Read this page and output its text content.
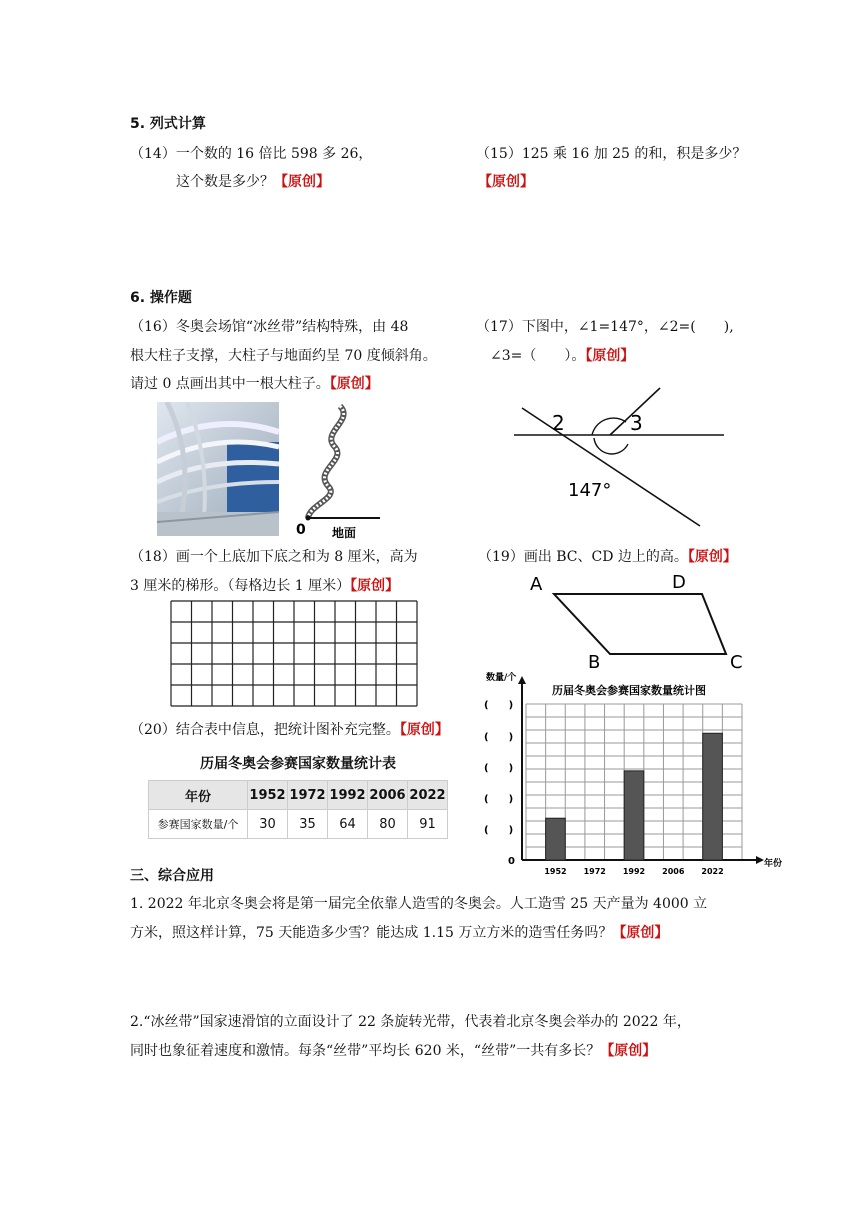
5. 列式计算
（14）一个数的 16 倍比 598 多 26，
这个数是多少？【原创】
（15）125 乘 16 加 25 的和，积是多少？
【原创】
6. 操作题
（16）冬奥会场馆“冰丝带”结构特殊，由 48
根大柱子支撑，大柱子与地面约呈 70 度倾斜角。
请过 0 点画出其中一根大柱子。【原创】
（17）下图中，∠1=147°，∠2=(　　),
∠3=（　　）。【原创】
0 地面
2	3
147°
（18）画一个上底加下底之和为 8 厘米，高为
3 厘米的梯形。（每格边长 1 厘米）【原创】
（19）画出 BC、CD 边上的高。【原创】
A	D
B	C
（20）结合表中信息，把统计图补充完整。【原创】
历届冬奥会参赛国家数量统计表
年份	1952	1972	1992	2006	2022
参赛国家数量/个	30	35	64	80	91
历届冬奥会参赛国家数量统计图
数量/个
年份
0
(　　)
(　　)
(　　)
(　　)
(　　)
1952 1972 1992 2006 2022
三、综合应用
1. 2022 年北京冬奥会将是第一届完全依靠人造雪的冬奥会。人工造雪 25 天产量为 4000 立
方米，照这样计算，75 天能造多少雪？能达成 1.15 万立方米的造雪任务吗？【原创】
2.“冰丝带”国家速滑馆的立面设计了 22 条旋转光带，代表着北京冬奥会举办的 2022 年，
同时也象征着速度和激情。每条“丝带”平均长 620 米，“丝带”一共有多长？【原创】
